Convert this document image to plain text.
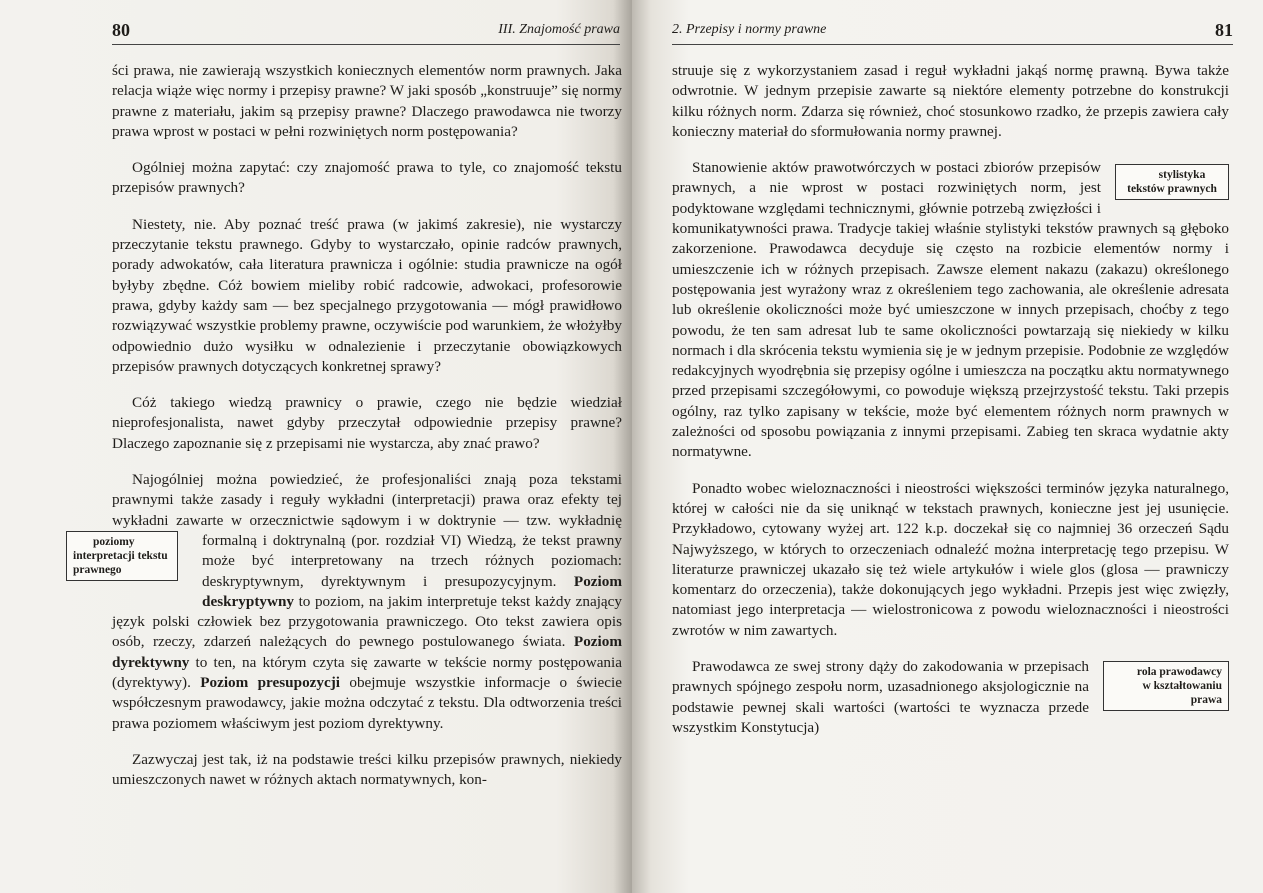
80	III. Znajomość prawa

ści prawa, nie zawierają wszystkich koniecznych elementów norm prawnych. Jaka relacja wiąże więc normy i przepisy prawne? W jaki sposób „konstruuje” się normy prawne z materiału, jakim są przepisy prawne? Dlaczego prawodawca nie tworzy prawa wprost w postaci w pełni rozwiniętych norm postępowania?

Ogólniej można zapytać: czy znajomość prawa to tyle, co znajomość tekstu przepisów prawnych?

Niestety, nie. Aby poznać treść prawa (w jakimś zakresie), nie wystarczy przeczytanie tekstu prawnego. Gdyby to wystarczało, opinie radców prawnych, porady adwokatów, cała literatura prawnicza i ogólnie: studia prawnicze na ogół byłyby zbędne. Cóż bowiem mieliby robić radcowie, adwokaci, profesorowie prawa, gdyby każdy sam — bez specjalnego przygotowania — mógł prawidłowo rozwiązywać wszystkie problemy prawne, oczywiście pod warunkiem, że włożyłby odpowiednio dużo wysiłku w odnalezienie i przeczytanie obowiązkowych przepisów prawnych dotyczących konkretnej sprawy?

Cóż takiego wiedzą prawnicy o prawie, czego nie będzie wiedział nieprofesjonalista, nawet gdyby przeczytał odpowiednie przepisy prawne? Dlaczego zapoznanie się z przepisami nie wystarcza, aby znać prawo?

Najogólniej można powiedzieć, że profesjonaliści znają poza tekstami prawnymi także zasady i reguły wykładni (interpretacji) prawa oraz efekty tej wykładni zawarte w orzecznictwie sądowym i w doktrynie — tzw. wykładnię formalną i doktrynalną (por. rozdział VI) Wiedzą, że tekst
poziomy interpretacji tekstu prawnego
prawny może być interpretowany na trzech różnych poziomach: deskryptywnym, dyrektywnym i presupozycyjnym. Poziom deskryptywny to poziom, na jakim interpretuje tekst każdy znający język polski człowiek bez przygotowania prawniczego. Oto tekst zawiera opis osób, rzeczy, zdarzeń należących do pewnego postulowanego świata. Poziom dyrektywny to ten, na którym czyta się zawarte w tekście normy postępowania (dyrektywy). Poziom presupozycji obejmuje wszystkie informacje o świecie współczesnym prawodawcy, jakie można odczytać z tekstu. Dla odtworzenia treści prawa poziomem właściwym jest poziom dyrektywny.

Zazwyczaj jest tak, iż na podstawie treści kilku przepisów prawnych, niekiedy umieszczonych nawet w różnych aktach normatywnych, kon-

2. Przepisy i normy prawne	81

struuje się z wykorzystaniem zasad i reguł wykładni jakąś normę prawną. Bywa także odwrotnie. W jednym przepisie zawarte są niektóre elementy potrzebne do konstrukcji kilku różnych norm. Zdarza się również, choć stosunkowo rzadko, że przepis zawiera cały konieczny materiał do sformułowania normy prawnej.

stylistyka tekstów prawnych
Stanowienie aktów prawotwórczych w postaci zbiorów przepisów prawnych, a nie wprost w postaci rozwiniętych norm, jest podyktowane względami technicznymi, głównie potrzebą zwięzłości i komunikatywności prawa. Tradycje takiej właśnie stylistyki tekstów prawnych są głęboko zakorzenione. Prawodawca decyduje się często na rozbicie elementów normy i umieszczenie ich w różnych przepisach. Zawsze element nakazu (zakazu) określonego postępowania jest wyrażony wraz z określeniem tego zachowania, ale określenie adresata lub określenie okoliczności może być umieszczone w innych przepisach, choćby z tego powodu, że ten sam adresat lub te same okoliczności powtarzają się niekiedy w kilku normach i dla skrócenia tekstu wymienia się je w jednym przepisie. Podobnie ze względów redakcyjnych wyodrębnia się przepisy ogólne i umieszcza na początku aktu normatywnego przed przepisami szczegółowymi, co powoduje większą przejrzystość tekstu. Taki przepis ogólny, raz tylko zapisany w tekście, może być elementem różnych norm prawnych w zależności od sposobu powiązania z innymi przepisami. Zabieg ten skraca wydatnie akty normatywne.

Ponadto wobec wieloznaczności i nieostrości większości terminów języka naturalnego, której w całości nie da się uniknąć w tekstach prawnych, konieczne jest jej usunięcie. Przykładowo, cytowany wyżej art. 122 k.p. doczekał się co najmniej 36 orzeczeń Sądu Najwyższego, w których to orzeczeniach odnaleźć można interpretację tego przepisu. W literaturze prawniczej ukazało się też wiele artykułów i wiele glos (glosa — prawniczy komentarz do orzeczenia), także dokonujących jego wykładni. Przepis jest więc zwięzły, natomiast jego interpretacja — wielostronicowa z powodu wieloznaczności i nieostrości zwrotów w nim zawartych.

rola prawodawcy w kształtowaniu prawa
Prawodawca ze swej strony dąży do zakodowania w przepisach prawnych spójnego zespołu norm, uzasadnionego aksjologicznie na podstawie pewnej skali wartości (wartości te wyznacza przede wszystkim Konstytucja)
